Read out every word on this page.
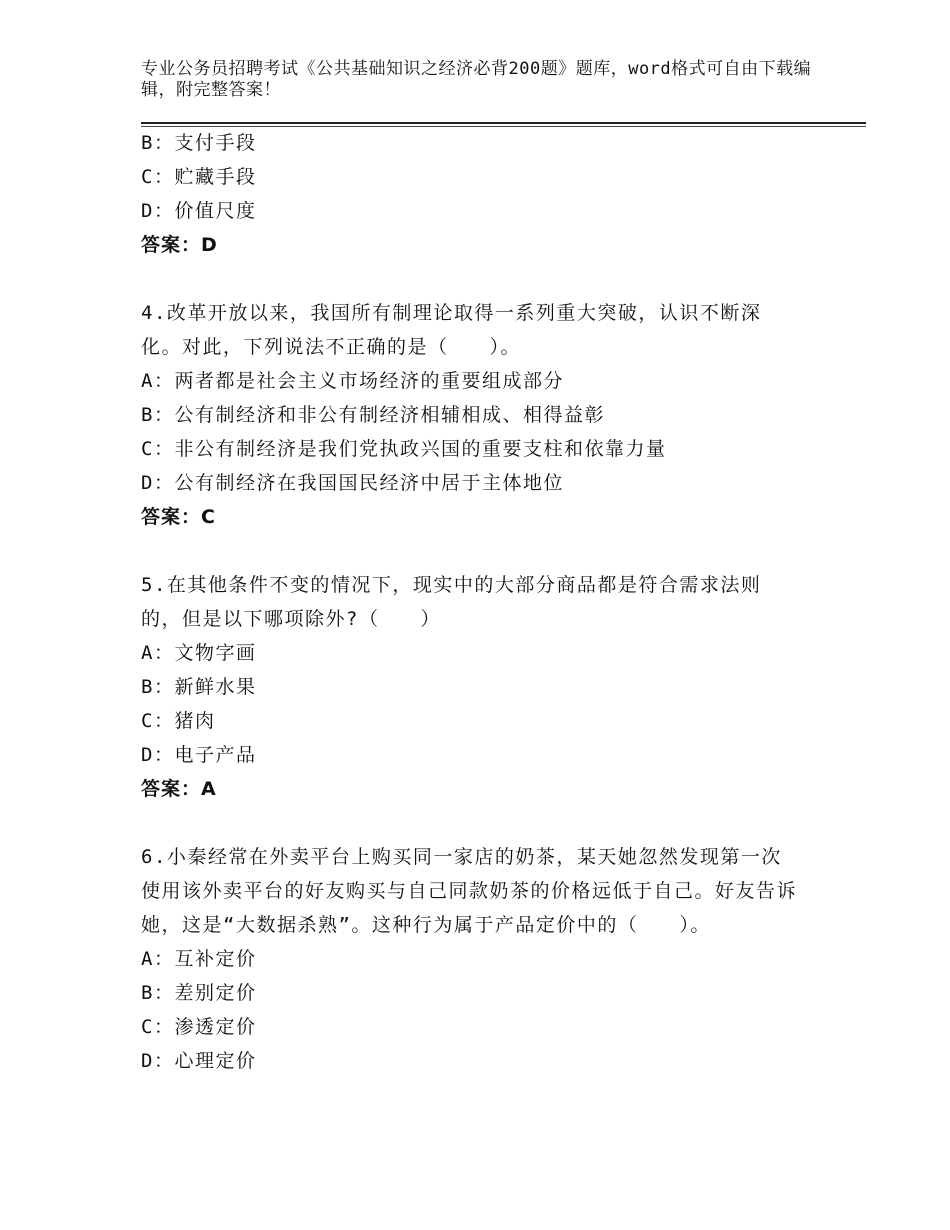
专业公务员招聘考试《公共基础知识之经济必背200题》题库，word格式可自由下载编辑，附完整答案！
B：支付手段
C：贮藏手段
D：价值尺度
答案：D
4.改革开放以来，我国所有制理论取得一系列重大突破，认识不断深化。对此，下列说法不正确的是（　　）。
A：两者都是社会主义市场经济的重要组成部分
B：公有制经济和非公有制经济相辅相成、相得益彰
C：非公有制经济是我们党执政兴国的重要支柱和依靠力量
D：公有制经济在我国国民经济中居于主体地位
答案：C
5.在其他条件不变的情况下，现实中的大部分商品都是符合需求法则的，但是以下哪项除外?（　　）
A：文物字画
B：新鲜水果
C：猪肉
D：电子产品
答案：A
6.小秦经常在外卖平台上购买同一家店的奶茶，某天她忽然发现第一次使用该外卖平台的好友购买与自己同款奶茶的价格远低于自己。好友告诉她，这是“大数据杀熟”。这种行为属于产品定价中的（　　）。
A：互补定价
B：差别定价
C：渗透定价
D：心理定价
